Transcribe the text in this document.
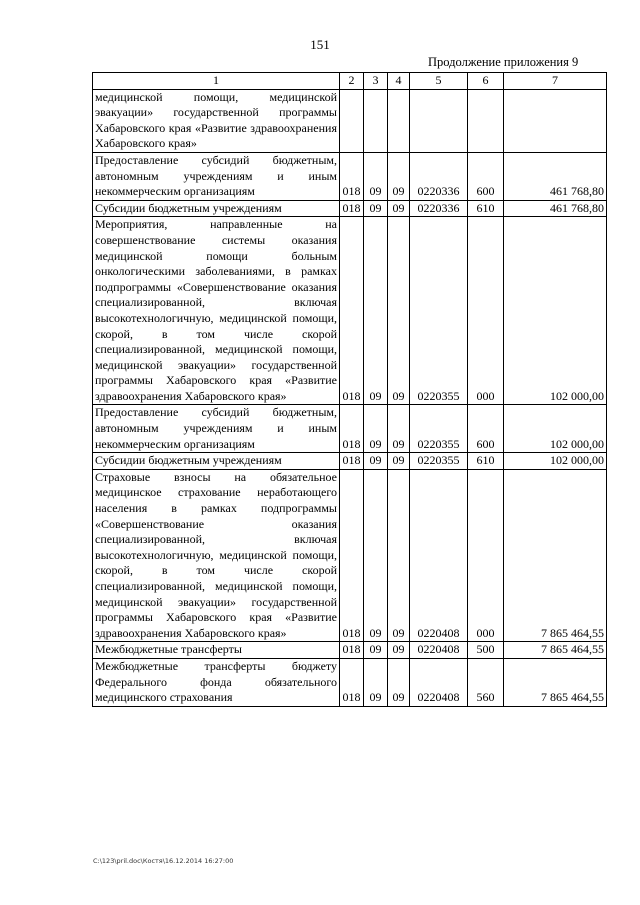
151
Продолжение приложения 9
1	2	3	4	5	6	7
медицинской помощи, медицинской эвакуации» государственной программы Хабаровского края «Развитие здравоохранения Хабаровского края»						
Предоставление субсидий бюджетным, автономным учреждениям и иным некоммерческим организациям	018	09	09	0220336	600	461 768,80
Субсидии бюджетным учреждениям	018	09	09	0220336	610	461 768,80
Мероприятия, направленные на совершенствование системы оказания медицинской помощи больным онкологическими заболеваниями, в рамках подпрограммы «Совершенствование оказания специализированной, включая высокотехнологичную, медицинской помощи, скорой, в том числе скорой специализированной, медицинской помощи, медицинской эвакуации» государственной программы Хабаровского края «Развитие здравоохранения Хабаровского края»	018	09	09	0220355	000	102 000,00
Предоставление субсидий бюджетным, автономным учреждениям и иным некоммерческим организациям	018	09	09	0220355	600	102 000,00
Субсидии бюджетным учреждениям	018	09	09	0220355	610	102 000,00
Страховые взносы на обязательное медицинское страхование неработающего населения в рамках подпрограммы «Совершенствование оказания специализированной, включая высокотехнологичную, медицинской помощи, скорой, в том числе скорой специализированной, медицинской помощи, медицинской эвакуации» государственной программы Хабаровского края «Развитие здравоохранения Хабаровского края»	018	09	09	0220408	000	7 865 464,55
Межбюджетные трансферты	018	09	09	0220408	500	7 865 464,55
Межбюджетные трансферты бюджету Федерального фонда обязательного медицинского страхования	018	09	09	0220408	560	7 865 464,55
C:\123\pril.doc\Костя\16.12.2014 16:27:00
